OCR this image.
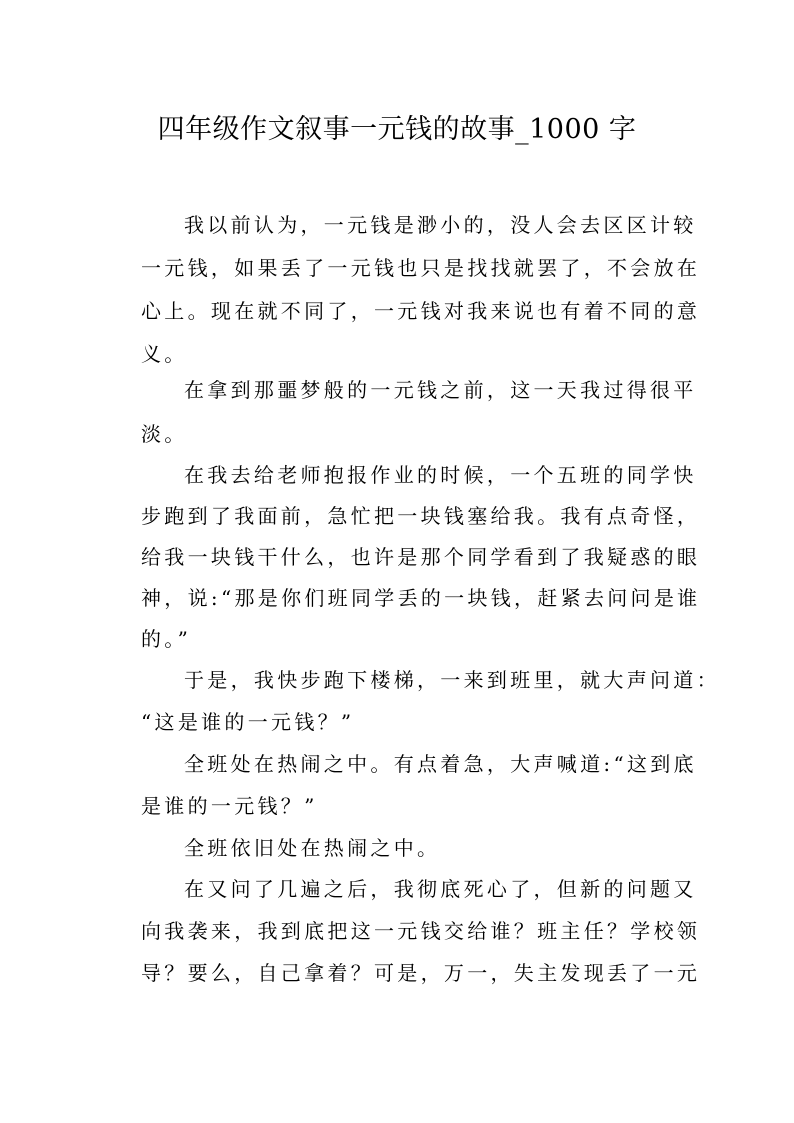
四年级作文叙事一元钱的故事_1000 字
我以前认为，一元钱是渺小的，没人会去区区计较
一元钱，如果丢了一元钱也只是找找就罢了，不会放在
心上。现在就不同了，一元钱对我来说也有着不同的意
义。
在拿到那噩梦般的一元钱之前，这一天我过得很平
淡。
在我去给老师抱报作业的时候，一个五班的同学快
步跑到了我面前，急忙把一块钱塞给我。我有点奇怪，
给我一块钱干什么，也许是那个同学看到了我疑惑的眼
神，说:“那是你们班同学丢的一块钱，赶紧去问问是谁
的。”
于是，我快步跑下楼梯，一来到班里，就大声问道：
“这是谁的一元钱？”
全班处在热闹之中。有点着急，大声喊道:“这到底
是谁的一元钱？”
全班依旧处在热闹之中。
在又问了几遍之后，我彻底死心了，但新的问题又
向我袭来，我到底把这一元钱交给谁？班主任？学校领
导？要么，自己拿着？可是，万一，失主发现丢了一元
